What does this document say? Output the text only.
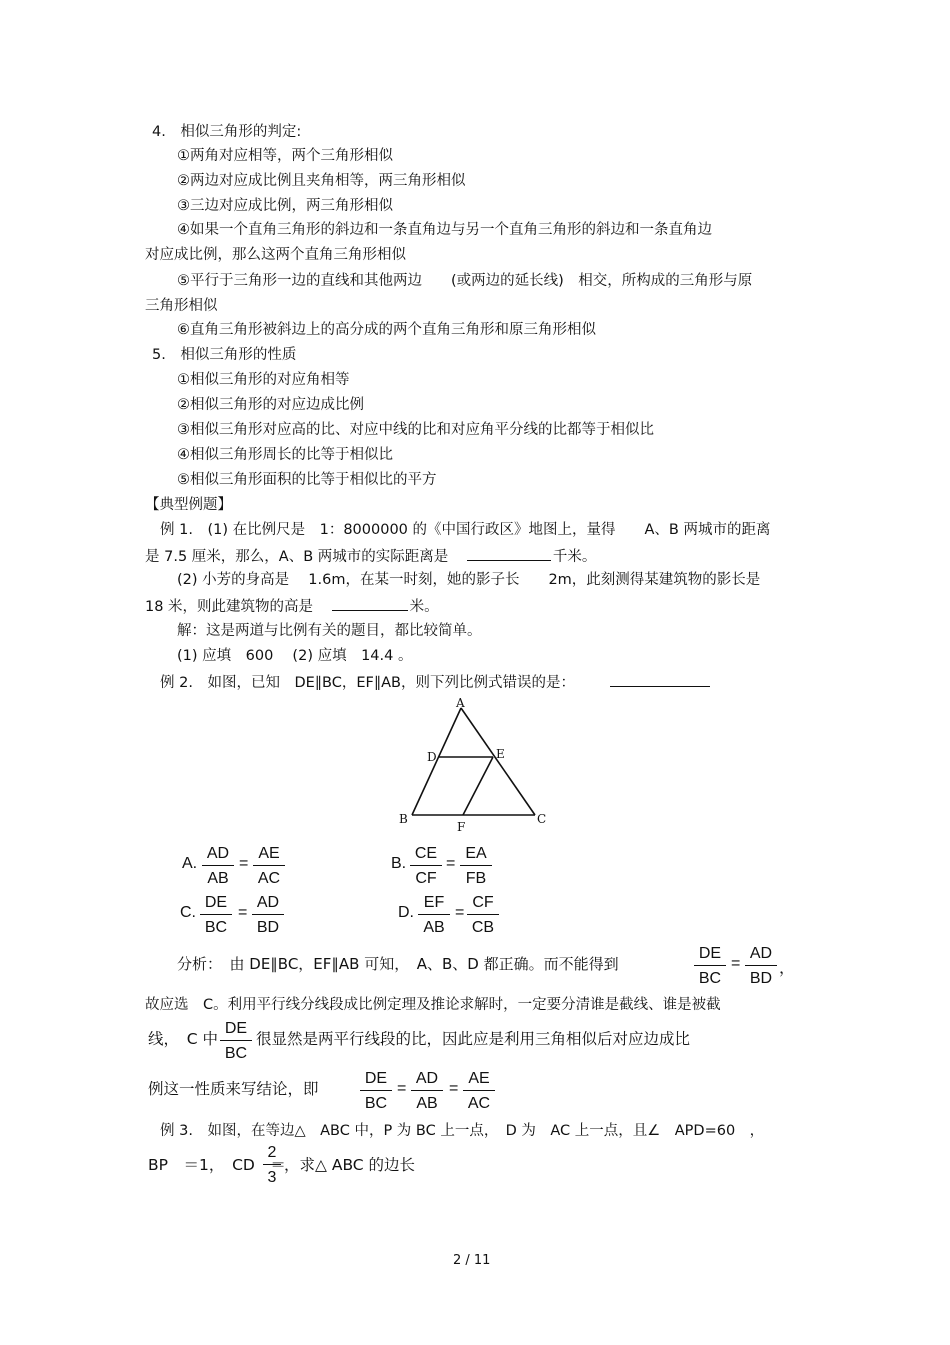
4.　相似三角形的判定:
①两角对应相等，两个三角形相似
②两边对应成比例且夹角相等，两三角形相似
③三边对应成比例，两三角形相似
④如果一个直角三角形的斜边和一条直角边与另一个直角三角形的斜边和一条直角边
对应成比例，那么这两个直角三角形相似
⑤平行于三角形一边的直线和其他两边　　(或两边的延长线)　相交，所构成的三角形与原
三角形相似
⑥直角三角形被斜边上的高分成的两个直角三角形和原三角形相似
5.　相似三角形的性质
①相似三角形的对应角相等
②相似三角形的对应边成比例
③相似三角形对应高的比、对应中线的比和对应角平分线的比都等于相似比
④相似三角形周长的比等于相似比
⑤相似三角形面积的比等于相似比的平方
【典型例题】
例 1.　(1) 在比例尺是　1：8000000 的《中国行政区》地图上，量得　　A、B 两城市的距离
是 7.5 厘米，那么，A、B 两城市的实际距离是	千米。
(2) 小芳的身高是　 1.6m，在某一时刻，她的影子长　　2m，此刻测得某建筑物的影长是
18 米，则此建筑物的高是	米。
解：这是两道与比例有关的题目，都比较简单。
(1) 应填　600　 (2) 应填　14.4 。
例 2.　如图，已知　DE∥BC，EF∥AB，则下列比例式错误的是：
A
D	E
B	C
F
A.
AD
AB
=
AE
AC
B.
CE
CF
=
EA
FB
C.
DE
BC
=
AD
BD
D.
EF
AB
=
CF
CB
分析：　由 DE∥BC，EF∥AB 可知，　A、B、D 都正确。而不能得到
DE
BC
=
AD
BD
，
故应选　C。利用平行线分线段成比例定理及推论求解时，一定要分清谁是截线、谁是被截
线，　C 中
DE
BC
很显然是两平行线段的比，因此应是利用三角相似后对应边成比
例这一性质来写结论，即
DE
BC
=
AD
AB
=
AE
AC
例 3.　如图，在等边△　ABC 中，P 为 BC 上一点，　D 为　AC 上一点，且∠　APD=60　，
BP　＝1，　CD　＝
2
3
，求△ ABC 的边长
2 / 11
